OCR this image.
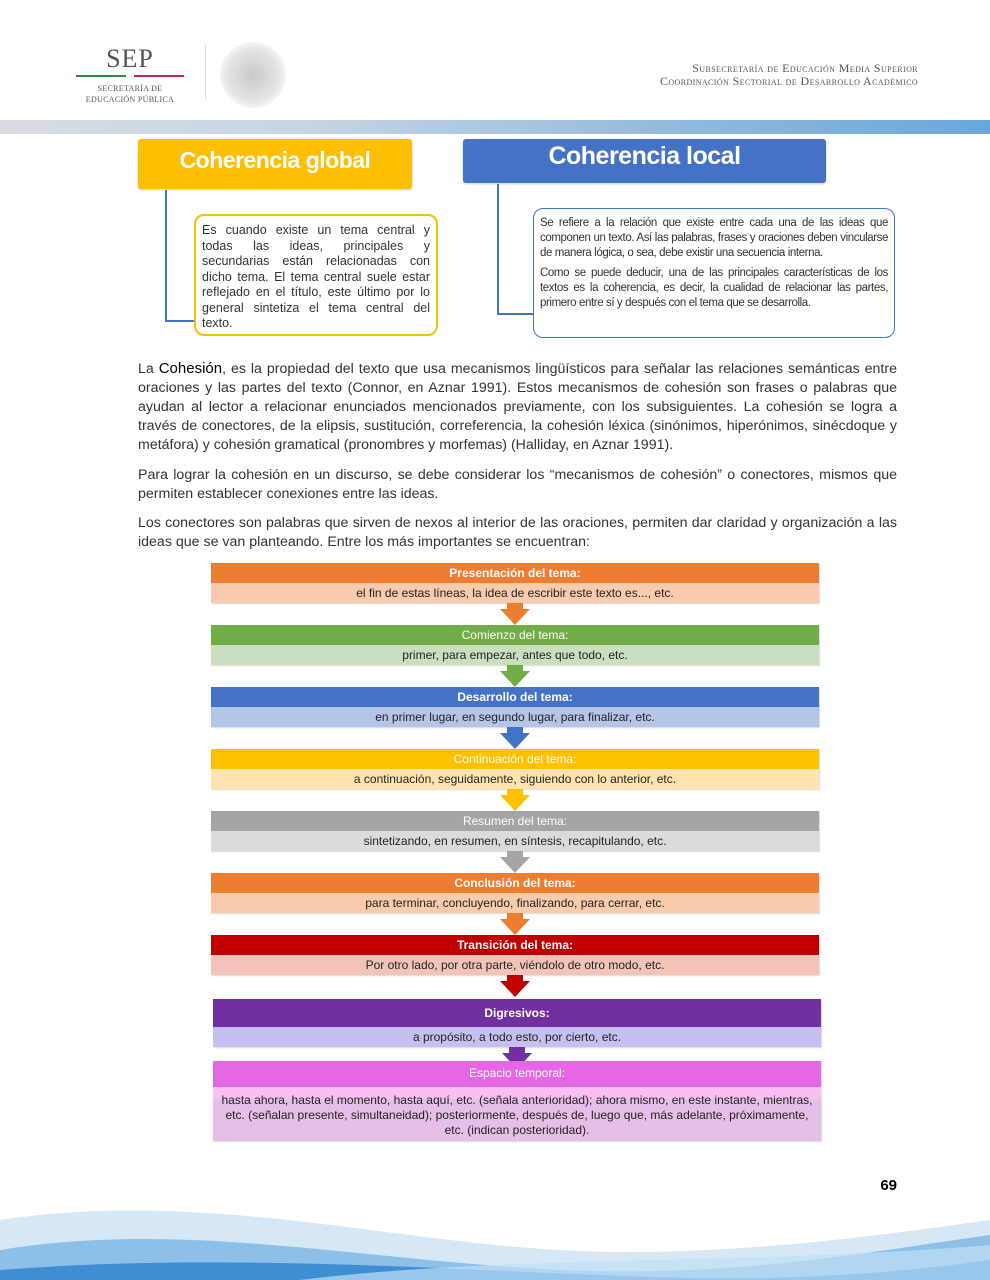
SEP
SECRETARÍA DE
EDUCACIÓN PÚBLICA
Subsecretaría de Educación Media Superior
Coordinación Sectorial de Desarrollo Académico
Coherencia global
Es cuando existe un tema central y todas las ideas, principales y secundarias están relacionadas con dicho tema. El tema central suele estar reflejado en el título, este último por lo general sintetiza el tema central del texto.
Coherencia local

Se refiere a la relación que existe entre cada una de las ideas que componen un texto. Así las palabras, frases y oraciones deben vincularse de manera lógica, o sea, debe existir una secuencia interna.

Como se puede deducir, una de las principales características de los textos es la coherencia, es decir, la cualidad de relacionar las partes, primero entre sí y después con el tema que se desarrolla.

La Cohesión, es la propiedad del texto que usa mecanismos lingüísticos para señalar las relaciones semánticas entre oraciones y las partes del texto (Connor, en Aznar 1991). Estos mecanismos de cohesión son frases o palabras que ayudan al lector a relacionar enunciados mencionados previamente, con los subsiguientes. La cohesión se logra a través de conectores, de la elipsis, sustitución, correferencia, la cohesión léxica (sinónimos, hiperónimos, sinécdoque y metáfora) y cohesión gramatical (pronombres y morfemas) (Halliday, en Aznar 1991).

Para lograr la cohesión en un discurso, se debe considerar los “mecanismos de cohesión” o conectores, mismos que permiten establecer conexiones entre las ideas.

Los conectores son palabras que sirven de nexos al interior de las oraciones, permiten dar claridad y organización a las ideas que se van planteando. Entre los más importantes se encuentran:

Presentación del tema:
el fin de estas líneas, la idea de escribir este texto es..., etc.
Comienzo del tema:
primer, para empezar, antes que todo, etc.
Desarrollo del tema:
en primer lugar, en segundo lugar, para finalizar, etc.
Continuación del tema:
a continuación, seguidamente, siguiendo con lo anterior, etc.
Resumen del tema:
sintetizando, en resumen, en síntesis, recapitulando, etc.
Conclusión del tema:
para terminar, concluyendo, finalizando, para cerrar, etc.
Transición del tema:
Por otro lado, por otra parte, viéndolo de otro modo, etc.
Digresivos:
a propósito, a todo esto, por cierto, etc.
Espacio temporal:
hasta ahora, hasta el momento, hasta aquí, etc. (señala anterioridad); ahora mismo, en este instante, mientras, etc. (señalan presente, simultaneidad); posteriormente, después de, luego que, más adelante, próximamente, etc. (indican posterioridad).
69
